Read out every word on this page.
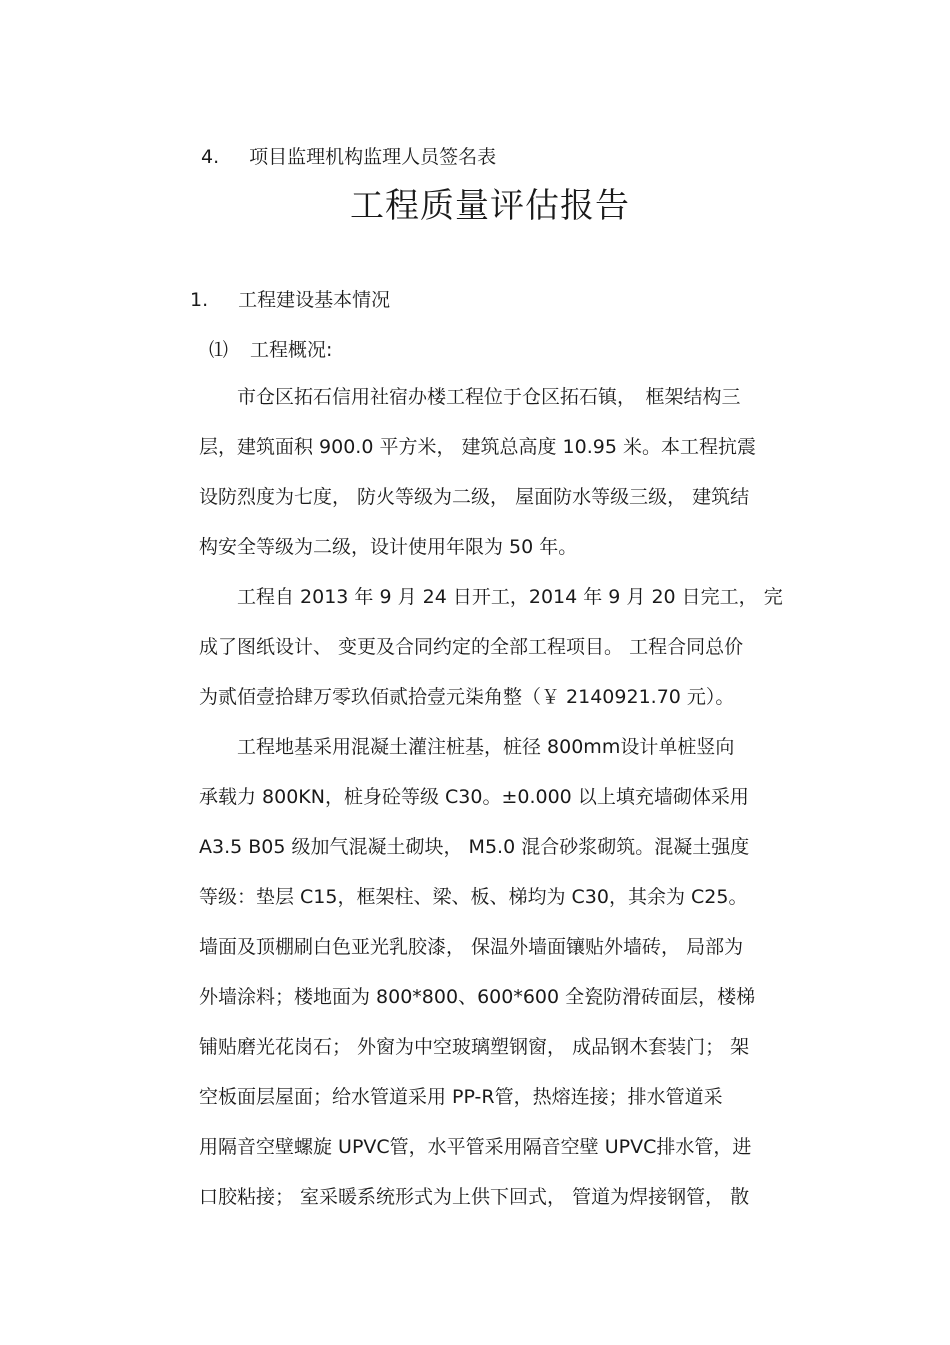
4. 项目监理机构监理人员签名表
工程质量评估报告
1. 工程建设基本情况
⑴ 工程概况:
　　市仓区拓石信用社宿办楼工程位于仓区拓石镇，　框架结构三
层，建筑面积 900.0 平方米， 建筑总高度 10.95 米。本工程抗震
设防烈度为七度， 防火等级为二级， 屋面防水等级三级， 建筑结
构安全等级为二级，设计使用年限为 50 年。
　　工程自 2013 年 9 月 24 日开工，2014 年 9 月 20 日完工， 完
成了图纸设计、 变更及合同约定的全部工程项目。 工程合同总价
为贰佰壹拾肆万零玖佰贰拾壹元柒角整（￥ 2140921.70 元）。
　　工程地基采用混凝土灌注桩基，桩径 800mm设计单桩竖向
承载力 800KN，桩身砼等级 C30。±0.000 以上填充墙砌体采用
A3.5 B05 级加气混凝土砌块， M5.0 混合砂浆砌筑。混凝土强度
等级：垫层 C15，框架柱、梁、板、梯均为 C30，其余为 C25。
墙面及顶棚刷白色亚光乳胶漆， 保温外墙面镶贴外墙砖， 局部为
外墙涂料；楼地面为 800*800、600*600 全瓷防滑砖面层，楼梯
铺贴磨光花岗石； 外窗为中空玻璃塑钢窗， 成品钢木套装门； 架
空板面层屋面；给水管道采用 PP-R管，热熔连接；排水管道采
用隔音空壁螺旋 UPVC管，水平管采用隔音空壁 UPVC排水管，进
口胶粘接； 室采暖系统形式为上供下回式， 管道为焊接钢管， 散
